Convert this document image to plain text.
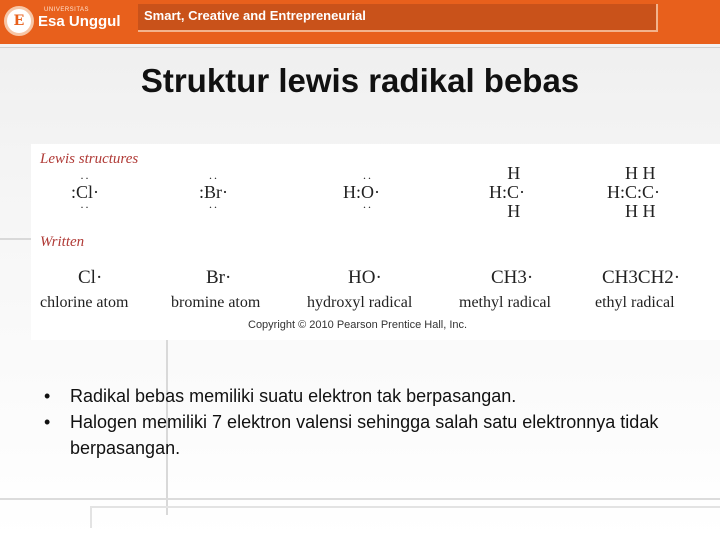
E Esa Unggul
UNIVERSITAS	Smart, Creative and Entrepreneurial
Struktur lewis radikal bebas
Lewis structures
··
:Cl·
··
··
:Br·
··
··
H:O·
··
H
H:C·
H
H H
H:C:C·
H H
Written
Cl·	Br·	HO·	CH3·	CH3CH2·
chlorine atom	bromine atom	hydroxyl radical	methyl radical	ethyl radical
Copyright © 2010 Pearson Prentice Hall, Inc.
• Radikal bebas memiliki suatu elektron tak berpasangan.
• Halogen memiliki 7 elektron valensi sehingga salah satu elektronnya tidak berpasangan.
